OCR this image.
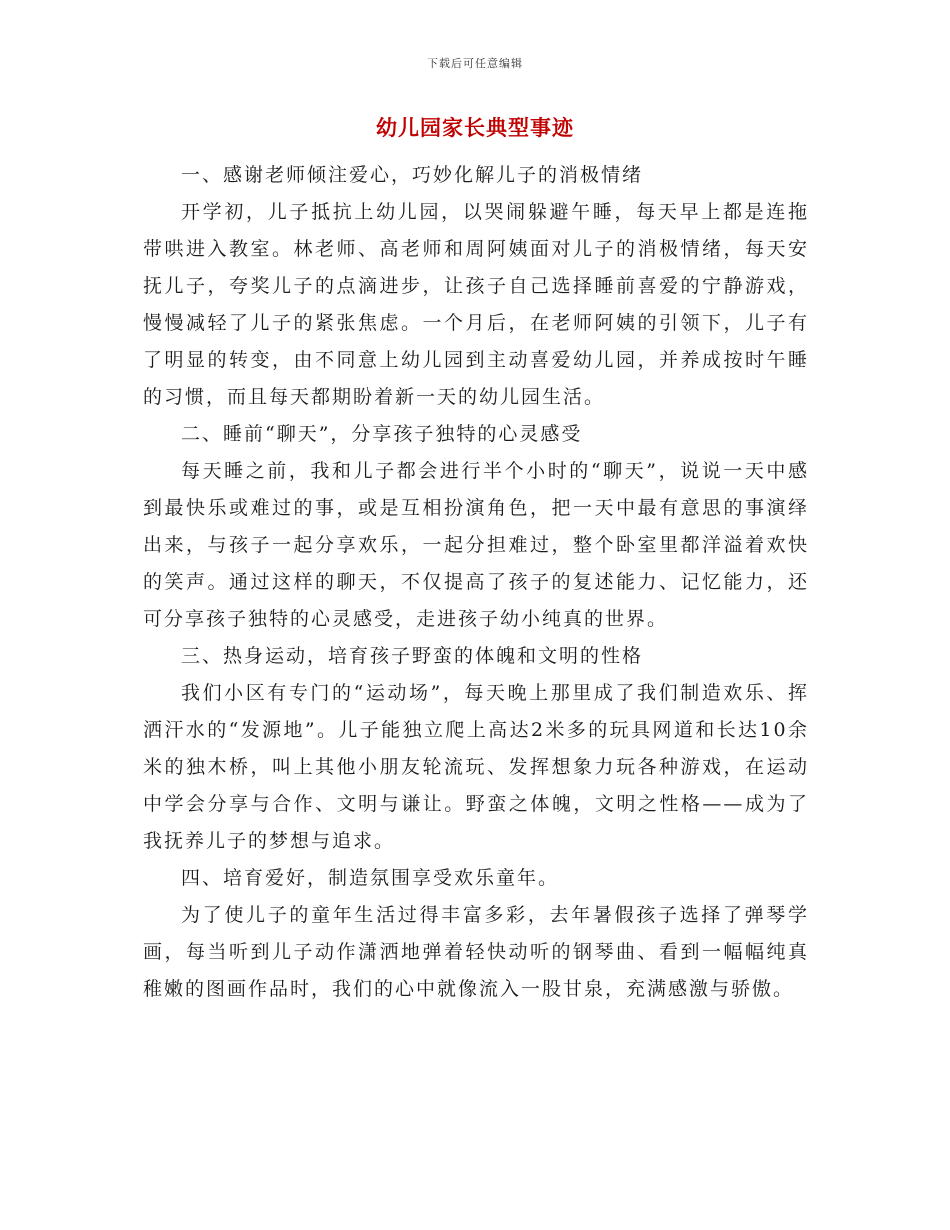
下载后可任意编辑
幼儿园家长典型事迹

一、感谢老师倾注爱心，巧妙化解儿子的消极情绪

开学初，儿子抵抗上幼儿园，以哭闹躲避午睡，每天早上都是连拖带哄进入教室。林老师、高老师和周阿姨面对儿子的消极情绪，每天安抚儿子，夸奖儿子的点滴进步，让孩子自己选择睡前喜爱的宁静游戏，慢慢减轻了儿子的紧张焦虑。一个月后，在老师阿姨的引领下，儿子有了明显的转变，由不同意上幼儿园到主动喜爱幼儿园，并养成按时午睡的习惯，而且每天都期盼着新一天的幼儿园生活。

二、睡前“聊天”，分享孩子独特的心灵感受

每天睡之前，我和儿子都会进行半个小时的“聊天”，说说一天中感到最快乐或难过的事，或是互相扮演角色，把一天中最有意思的事演绎出来，与孩子一起分享欢乐，一起分担难过，整个卧室里都洋溢着欢快的笑声。通过这样的聊天，不仅提高了孩子的复述能力、记忆能力，还可分享孩子独特的心灵感受，走进孩子幼小纯真的世界。

三、热身运动，培育孩子野蛮的体魄和文明的性格

我们小区有专门的“运动场”，每天晚上那里成了我们制造欢乐、挥洒汗水的“发源地”。儿子能独立爬上高达2米多的玩具网道和长达10余米的独木桥，叫上其他小朋友轮流玩、发挥想象力玩各种游戏，在运动中学会分享与合作、文明与谦让。野蛮之体魄，文明之性格——成为了我抚养儿子的梦想与追求。

四、培育爱好，制造氛围享受欢乐童年。

为了使儿子的童年生活过得丰富多彩，去年暑假孩子选择了弹琴学画，每当听到儿子动作潇洒地弹着轻快动听的钢琴曲、看到一幅幅纯真稚嫩的图画作品时，我们的心中就像流入一股甘泉，充满感激与骄傲。
